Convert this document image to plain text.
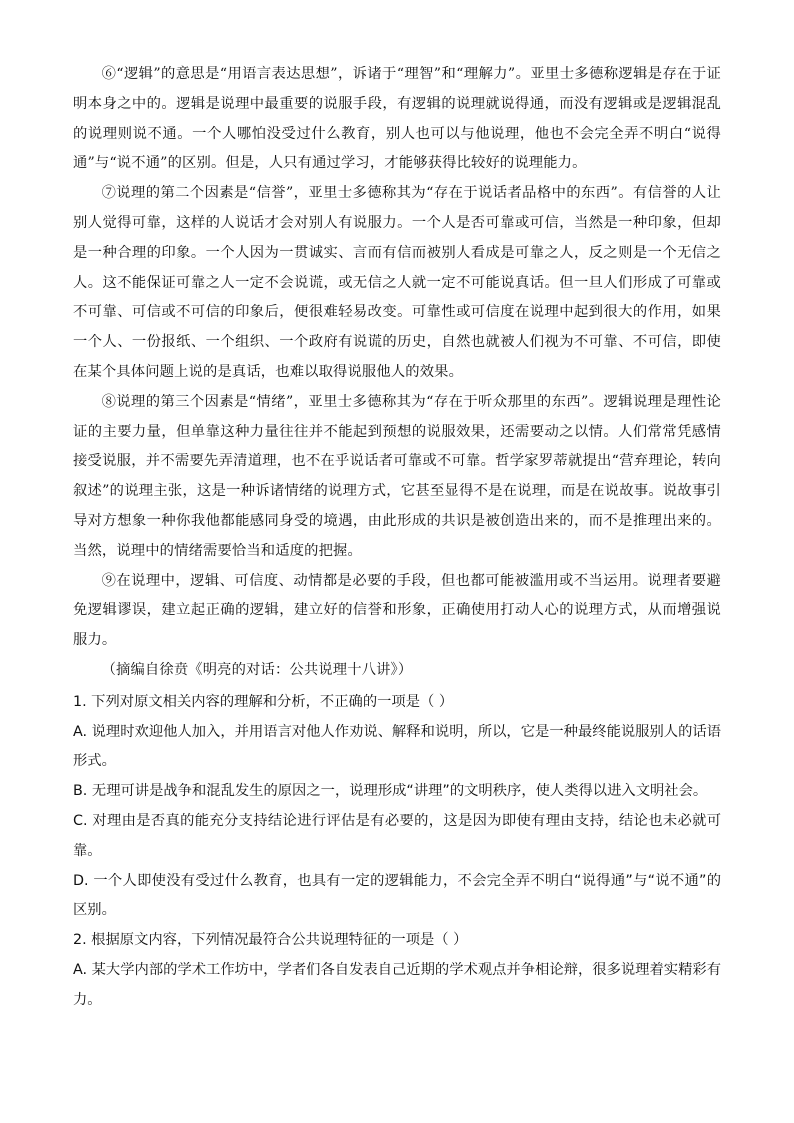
⑥“逻辑”的意思是“用语言表达思想”，诉诸于“理智”和“理解力”。亚里士多德称逻辑是存在于证明本身之中的。逻辑是说理中最重要的说服手段，有逻辑的说理就说得通，而没有逻辑或是逻辑混乱的说理则说不通。一个人哪怕没受过什么教育，别人也可以与他说理，他也不会完全弄不明白“说得通”与“说不通”的区别。但是，人只有通过学习，才能够获得比较好的说理能力。

⑦说理的第二个因素是“信誉”，亚里士多德称其为“存在于说话者品格中的东西”。有信誉的人让别人觉得可靠，这样的人说话才会对别人有说服力。一个人是否可靠或可信，当然是一种印象，但却是一种合理的印象。一个人因为一贯诚实、言而有信而被别人看成是可靠之人，反之则是一个无信之人。这不能保证可靠之人一定不会说谎，或无信之人就一定不可能说真话。但一旦人们形成了可靠或不可靠、可信或不可信的印象后，便很难轻易改变。可靠性或可信度在说理中起到很大的作用，如果一个人、一份报纸、一个组织、一个政府有说谎的历史，自然也就被人们视为不可靠、不可信，即使在某个具体问题上说的是真话，也难以取得说服他人的效果。

⑧说理的第三个因素是“情绪”，亚里士多德称其为“存在于听众那里的东西”。逻辑说理是理性论证的主要力量，但单靠这种力量往往并不能起到预想的说服效果，还需要动之以情。人们常常凭感情接受说服，并不需要先弄清道理，也不在乎说话者可靠或不可靠。哲学家罗蒂就提出“营弃理论，转向叙述”的说理主张，这是一种诉诸情绪的说理方式，它甚至显得不是在说理，而是在说故事。说故事引导对方想象一种你我他都能感同身受的境遇，由此形成的共识是被创造出来的，而不是推理出来的。当然，说理中的情绪需要恰当和适度的把握。

⑨在说理中，逻辑、可信度、动情都是必要的手段，但也都可能被滥用或不当运用。说理者要避免逻辑谬误，建立起正确的逻辑，建立好的信誉和形象，正确使用打动人心的说理方式，从而增强说服力。

（摘编自徐贲《明亮的对话：公共说理十八讲》）

1. 下列对原文相关内容的理解和分析，不正确的一项是（ ）

A. 说理时欢迎他人加入，并用语言对他人作劝说、解释和说明，所以，它是一种最终能说服别人的话语形式。

B. 无理可讲是战争和混乱发生的原因之一，说理形成“讲理”的文明秩序，使人类得以进入文明社会。

C. 对理由是否真的能充分支持结论进行评估是有必要的，这是因为即使有理由支持，结论也未必就可靠。

D. 一个人即使没有受过什么教育，也具有一定的逻辑能力，不会完全弄不明白“说得通”与“说不通”的区别。

2. 根据原文内容，下列情况最符合公共说理特征的一项是（ ）

A. 某大学内部的学术工作坊中，学者们各自发表自己近期的学术观点并争相论辩，很多说理着实精彩有力。
